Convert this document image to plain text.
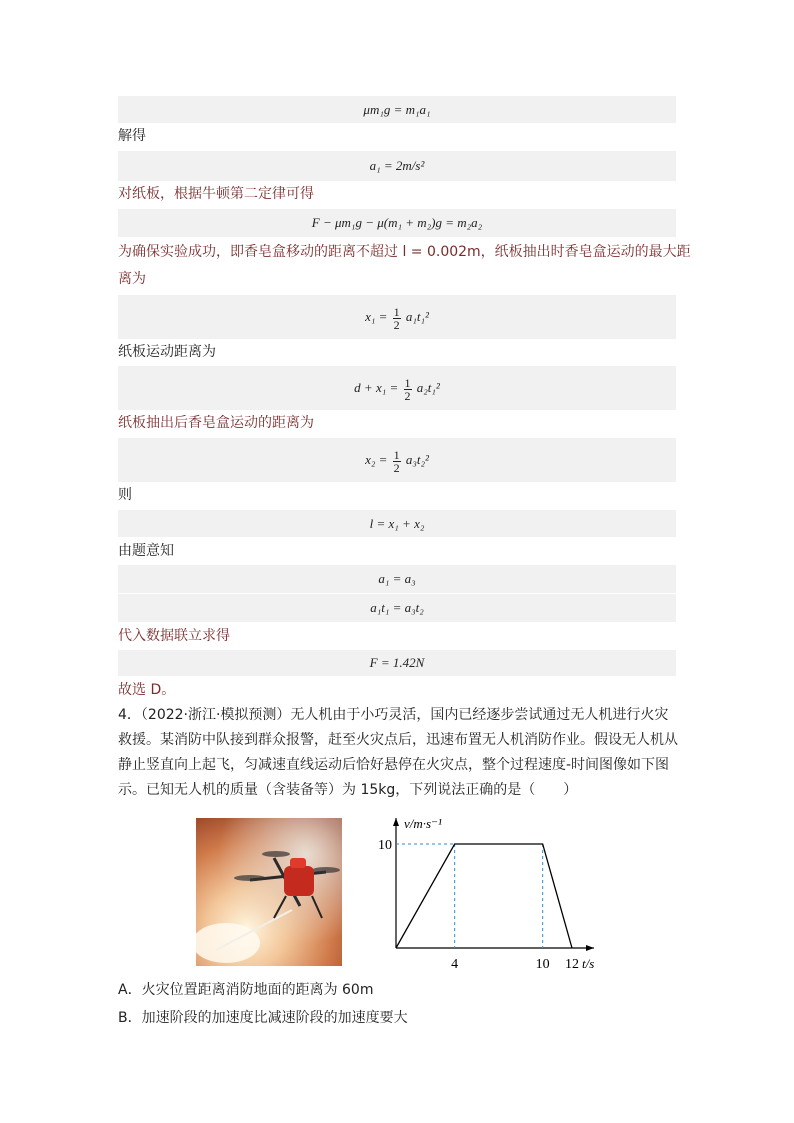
μm₁g = m₁a₁
解得
a₁ = 2m/s²
对纸板，根据牛顿第二定律可得
F − μm₁g − μ(m₁ + m₂)g = m₂a₂
为确保实验成功，即香皂盒移动的距离不超过 l = 0.002m，纸板抽出时香皂盒运动的最大距
离为
$x_1 = \frac{1}{2} a_1t_1^2$
纸板运动距离为
$d + x_1 = \frac{1}{2} a_2t_1^2$
纸板抽出后香皂盒运动的距离为
$x_2 = \frac{1}{2} a_3t_2^2$
则
l = x₁ + x₂
由题意知
a₁ = a₃
a₁t₁ = a₃t₂
代入数据联立求得
F = 1.42N
故选 D。
4．（2022·浙江·模拟预测）无人机由于小巧灵活，国内已经逐步尝试通过无人机进行火灾救援。某消防中队接到群众报警，赶至火灾点后，迅速布置无人机消防作业。假设无人机从静止竖直向上起飞，匀减速直线运动后恰好悬停在火灾点，整个过程速度-时间图像如下图示。已知无人机的质量（含装备等）为 15kg，下列说法正确的是（　　）
4	10 12
10
v/m·s⁻¹
t/s
A．火灾位置距离消防地面的距离为 60m
B．加速阶段的加速度比减速阶段的加速度要大
